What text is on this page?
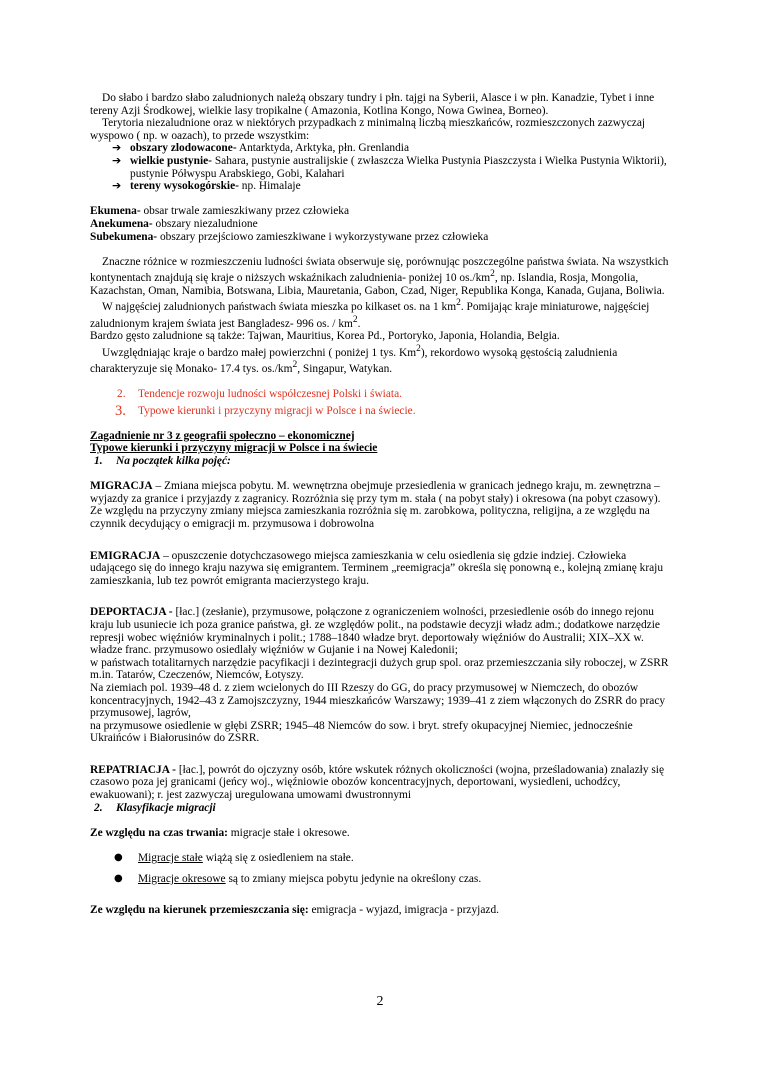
Do słabo i bardzo słabo zaludnionych należą obszary tundry i płn. tajgi na Syberii, Alasce i w płn. Kanadzie, Tybet i inne tereny Azji Środkowej, wielkie lasy tropikalne ( Amazonia, Kotlina Kongo, Nowa Gwinea, Borneo).

Terytoria niezaludnione oraz w niektórych przypadkach z minimalną liczbą mieszkańców, rozmieszczonych zazwyczaj wyspowo ( np. w oazach), to przede wszystkim:

➔ obszary zlodowacone- Antarktyda, Arktyka, płn. Grenlandia
➔ wielkie pustynie- Sahara, pustynie australijskie ( zwłaszcza Wielka Pustynia Piaszczysta i Wielka Pustynia Wiktorii), pustynie Półwyspu Arabskiego, Gobi, Kalahari
➔ tereny wysokogórskie- np. Himalaje

Ekumena- obsar trwale zamieszkiwany przez człowieka

Anekumena- obszary niezaludnione

Subekumena- obszary przejściowo zamieszkiwane i wykorzystywane przez człowieka

Znaczne różnice w rozmieszczeniu ludności świata obserwuje się, porównując poszczególne państwa świata. Na wszystkich kontynentach znajdują się kraje o niższych wskaźnikach zaludnienia- poniżej 10 $os./km^2$, np. Islandia, Rosja, Mongolia, Kazachstan, Oman, Namibia, Botswana, Libia, Mauretania, Gabon, Czad, Niger, Republika Konga, Kanada, Gujana, Boliwia.

W najgęściej zaludnionych państwach świata mieszka po kilkaset os. na 1 $km^2$. Pomijając kraje miniaturowe, najgęściej zaludnionym krajem świata jest Bangladesz- 996 os. / $km^2$.

Bardzo gęsto zaludnione są także: Tajwan, Mauritius, Korea Pd., Portoryko, Japonia, Holandia, Belgia.

Uwzględniając kraje o bardzo małej powierzchni ( poniżej 1 tys. Km$^2$), rekordowo wysoką gęstością zaludnienia charakteryzuje się Monako- 17.4 tys. $os./km^2$, Singapur, Watykan.

2. Tendencje rozwoju ludności współczesnej Polski i świata.
3. Typowe kierunki i przyczyny migracji w Polsce i na świecie.

Zagadnienie nr 3 z geografii społeczno – ekonomicznej

Typowe kierunki i przyczyny migracji w Polsce i na świecie

1. Na początek kilka pojęć:

MIGRACJA – Zmiana miejsca pobytu. M. wewnętrzna obejmuje przesiedlenia w granicach jednego kraju, m. zewnętrzna – wyjazdy za granice i przyjazdy z zagranicy. Rozróżnia się przy tym m. stała ( na pobyt stały) i okresowa (na pobyt czasowy). Ze względu na przyczyny zmiany miejsca zamieszkania rozróżnia się m. zarobkowa, polityczna, religijna, a ze względu na czynnik decydujący o emigracji m. przymusowa i dobrowolna

EMIGRACJA – opuszczenie dotychczasowego miejsca zamieszkania w celu osiedlenia się gdzie indziej. Człowieka udającego się do innego kraju nazywa się emigrantem. Terminem „reemigracja” określa się ponowną e., kolejną zmianę kraju zamieszkania, lub tez powrót emigranta macierzystego kraju.

DEPORTACJA - [łac.] (zesłanie), przymusowe, połączone z ograniczeniem wolności, przesiedlenie osób do innego rejonu kraju lub usuniecie ich poza granice państwa, gł. ze względów polit., na podstawie decyzji władz adm.; dodatkowe narzędzie represji wobec więźniów kryminalnych i polit.; 1788–1840 władze bryt. deportowały więźniów do Australii; XIX–XX w. władze franc. przymusowo osiedlały więźniów w Gujanie i na Nowej Kaledonii;

w państwach totalitarnych narzędzie pacyfikacji i dezintegracji dużych grup spol. oraz przemieszczania siły roboczej, w ZSRR m.in. Tatarów, Czeczenów, Niemców, Łotyszy.

Na ziemiach pol. 1939–48 d. z ziem wcielonych do III Rzeszy do GG, do pracy przymusowej w Niemczech, do obozów koncentracyjnych, 1942–43 z Zamojszczyzny, 1944 mieszkańców Warszawy; 1939–41 z ziem włączonych do ZSRR do pracy przymusowej, lagrów,

na przymusowe osiedlenie w głębi ZSRR; 1945–48 Niemców do sow. i bryt. strefy okupacyjnej Niemiec, jednocześnie Ukraińców i Białorusinów do ZSRR.

REPATRIACJA - [łac.], powrót do ojczyzny osób, które wskutek różnych okoliczności (wojna, prześladowania) znalazły się czasowo poza jej granicami (jeńcy woj., więźniowie obozów koncentracyjnych, deportowani, wysiedleni, uchodźcy, ewakuowani); r. jest zazwyczaj uregulowana umowami dwustronnymi

2. Klasyfikacje migracji

Ze względu na czas trwania: migracje stałe i okresowe.

● Migracje stałe wiążą się z osiedleniem na stałe.
● Migracje okresowe są to zmiany miejsca pobytu jedynie na określony czas.

Ze względu na kierunek przemieszczania się: emigracja - wyjazd, imigracja - przyjazd.

2
